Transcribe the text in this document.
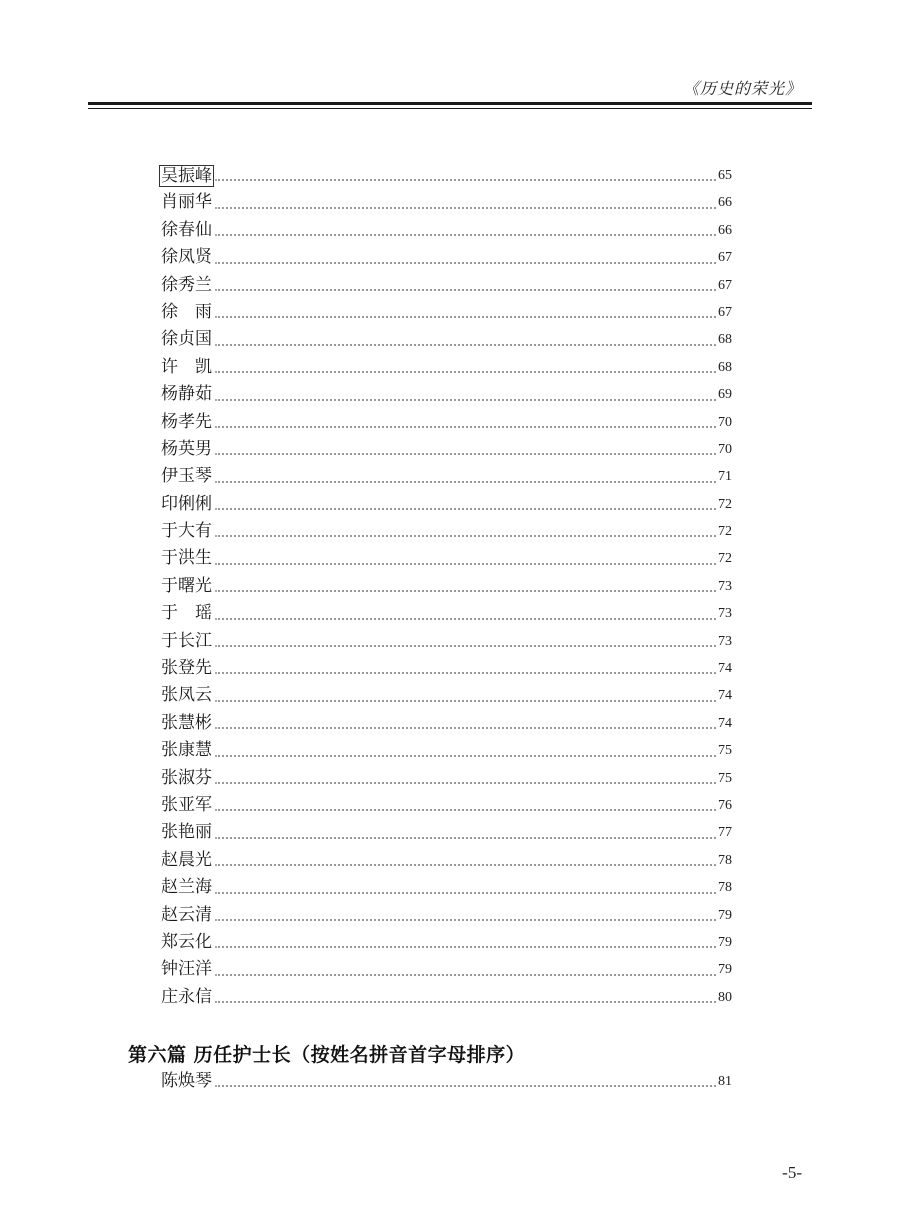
《历史的荣光》
吴振峰	65
肖丽华	66
徐春仙	66
徐凤贤	67
徐秀兰	67
徐　雨	67
徐贞国	68
许　凯	68
杨静茹	69
杨孝先	70
杨英男	70
伊玉琴	71
印俐俐	72
于大有	72
于洪生	72
于曙光	73
于　瑶	73
于长江	73
张登先	74
张凤云	74
张慧彬	74
张康慧	75
张淑芬	75
张亚军	76
张艳丽	77
赵晨光	78
赵兰海	78
赵云清	79
郑云化	79
钟汪洋	79
庄永信	80
第六篇 历任护士长（按姓名拼音首字母排序）
陈焕琴	81
-5-
